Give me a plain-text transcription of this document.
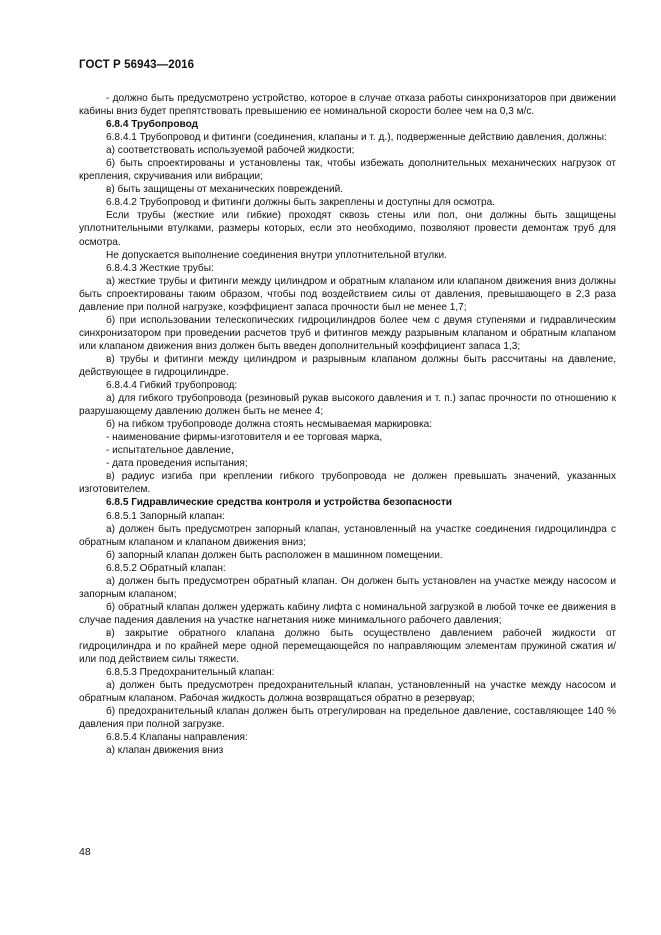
ГОСТ Р 56943—2016

- должно быть предусмотрено устройство, которое в случае отказа работы синхронизаторов при движении кабины вниз будет препятствовать превышению ее номинальной скорости более чем на 0,3 м/с.

6.8.4 Трубопровод

6.8.4.1 Трубопровод и фитинги (соединения, клапаны и т. д.), подверженные действию давления, должны:

а) соответствовать используемой рабочей жидкости;

б) быть спроектированы и установлены так, чтобы избежать дополнительных механических нагрузок от крепления, скручивания или вибрации;

в) быть защищены от механических повреждений.

6.8.4.2 Трубопровод и фитинги должны быть закреплены и доступны для осмотра.

Если трубы (жесткие или гибкие) проходят сквозь стены или пол, они должны быть защищены уплотнительными втулками, размеры которых, если это необходимо, позволяют провести демонтаж труб для осмотра.

Не допускается выполнение соединения внутри уплотнительной втулки.

6.8.4.3 Жесткие трубы:

а) жесткие трубы и фитинги между цилиндром и обратным клапаном или клапаном движения вниз должны быть спроектированы таким образом, чтобы под воздействием силы от давления, превышающего в 2,3 раза давление при полной нагрузке, коэффициент запаса прочности был не менее 1,7;

б) при использовании телескопических гидроцилиндров более чем с двумя ступенями и гидравлическим синхронизатором при проведении расчетов труб и фитингов между разрывным клапаном и обратным клапаном или клапаном движения вниз должен быть введен дополнительный коэффициент запаса 1,3;

в) трубы и фитинги между цилиндром и разрывным клапаном должны быть рассчитаны на давление, действующее в гидроцилиндре.

6.8.4.4 Гибкий трубопровод:

а) для гибкого трубопровода (резиновый рукав высокого давления и т. п.) запас прочности по отношению к разрушающему давлению должен быть не менее 4;

б) на гибком трубопроводе должна стоять несмываемая маркировка:

- наименование фирмы-изготовителя и ее торговая марка,

- испытательное давление,

- дата проведения испытания;

в) радиус изгиба при креплении гибкого трубопровода не должен превышать значений, указанных изготовителем.

6.8.5 Гидравлические средства контроля и устройства безопасности

6.8.5.1 Запорный клапан:

а) должен быть предусмотрен запорный клапан, установленный на участке соединения гидроцилиндра с обратным клапаном и клапаном движения вниз;

б) запорный клапан должен быть расположен в машинном помещении.

6.8.5.2 Обратный клапан:

а) должен быть предусмотрен обратный клапан. Он должен быть установлен на участке между насосом и запорным клапаном;

б) обратный клапан должен удержать кабину лифта с номинальной загрузкой в любой точке ее движения в случае падения давления на участке нагнетания ниже минимального рабочего давления;

в) закрытие обратного клапана должно быть осуществлено давлением рабочей жидкости от гидроцилиндра и по крайней мере одной перемещающейся по направляющим элементам пружиной сжатия и/или под действием силы тяжести.

6.8.5.3 Предохранительный клапан:

а) должен быть предусмотрен предохранительный клапан, установленный на участке между насосом и обратным клапаном. Рабочая жидкость должна возвращаться обратно в резервуар;

б) предохранительный клапан должен быть отрегулирован на предельное давление, составляющее 140 % давления при полной загрузке.

6.8.5.4 Клапаны направления:

а) клапан движения вниз

48
